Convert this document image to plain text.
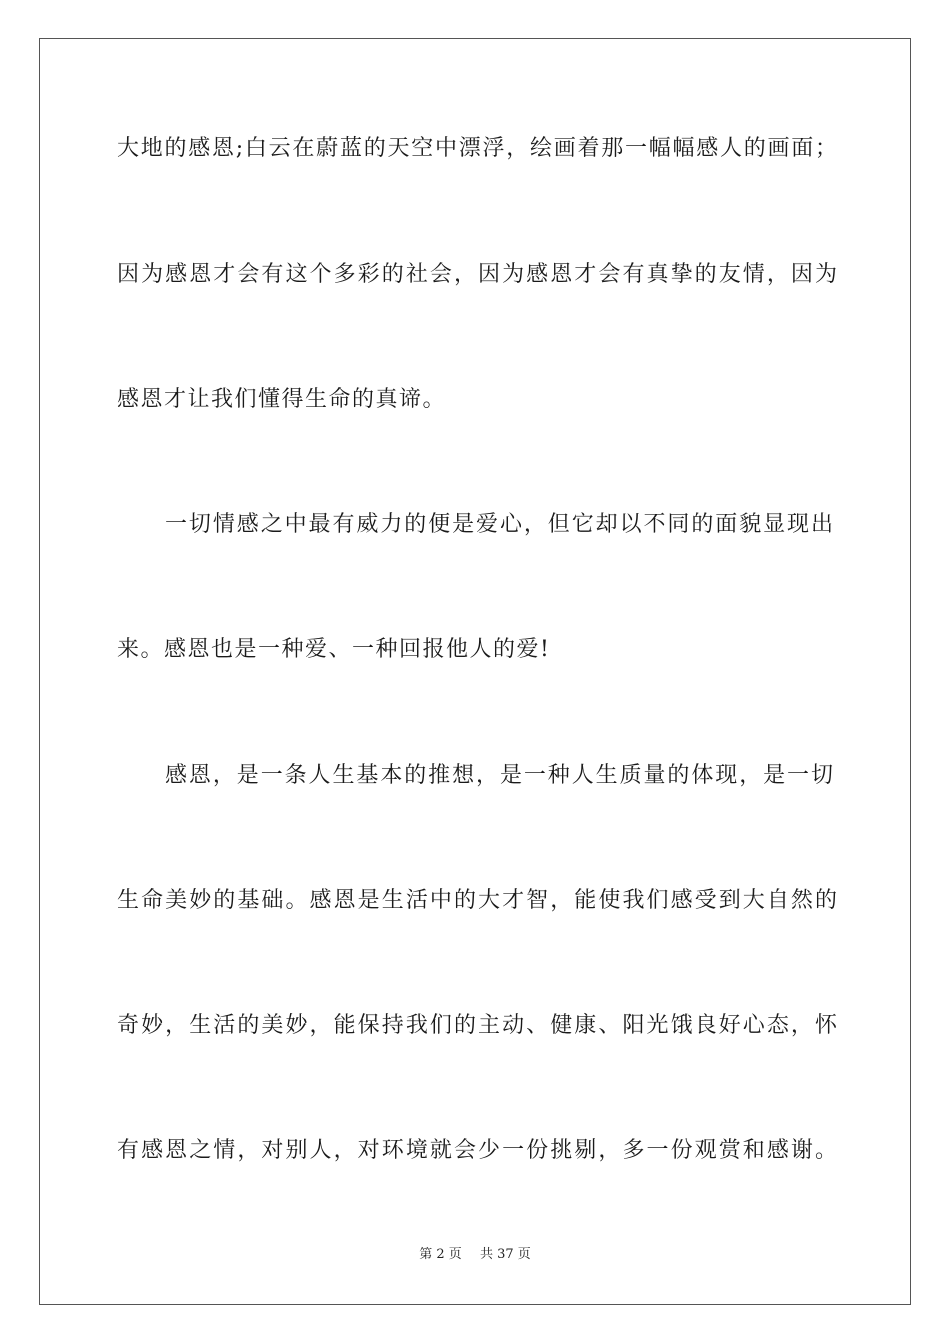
大地的感恩;白云在蔚蓝的天空中漂浮，绘画着那一幅幅感人的画面；
因为感恩才会有这个多彩的社会，因为感恩才会有真挚的友情，因为
感恩才让我们懂得生命的真谛。
一切情感之中最有威力的便是爱心，但它却以不同的面貌显现出
来。感恩也是一种爱、一种回报他人的爱!
感恩，是一条人生基本的推想，是一种人生质量的体现，是一切
生命美妙的基础。感恩是生活中的大才智，能使我们感受到大自然的
奇妙，生活的美妙，能保持我们的主动、健康、阳光饿良好心态，怀
有感恩之情，对别人，对环境就会少一份挑剔，多一份观赏和感谢。
第 2 页 共 37 页
